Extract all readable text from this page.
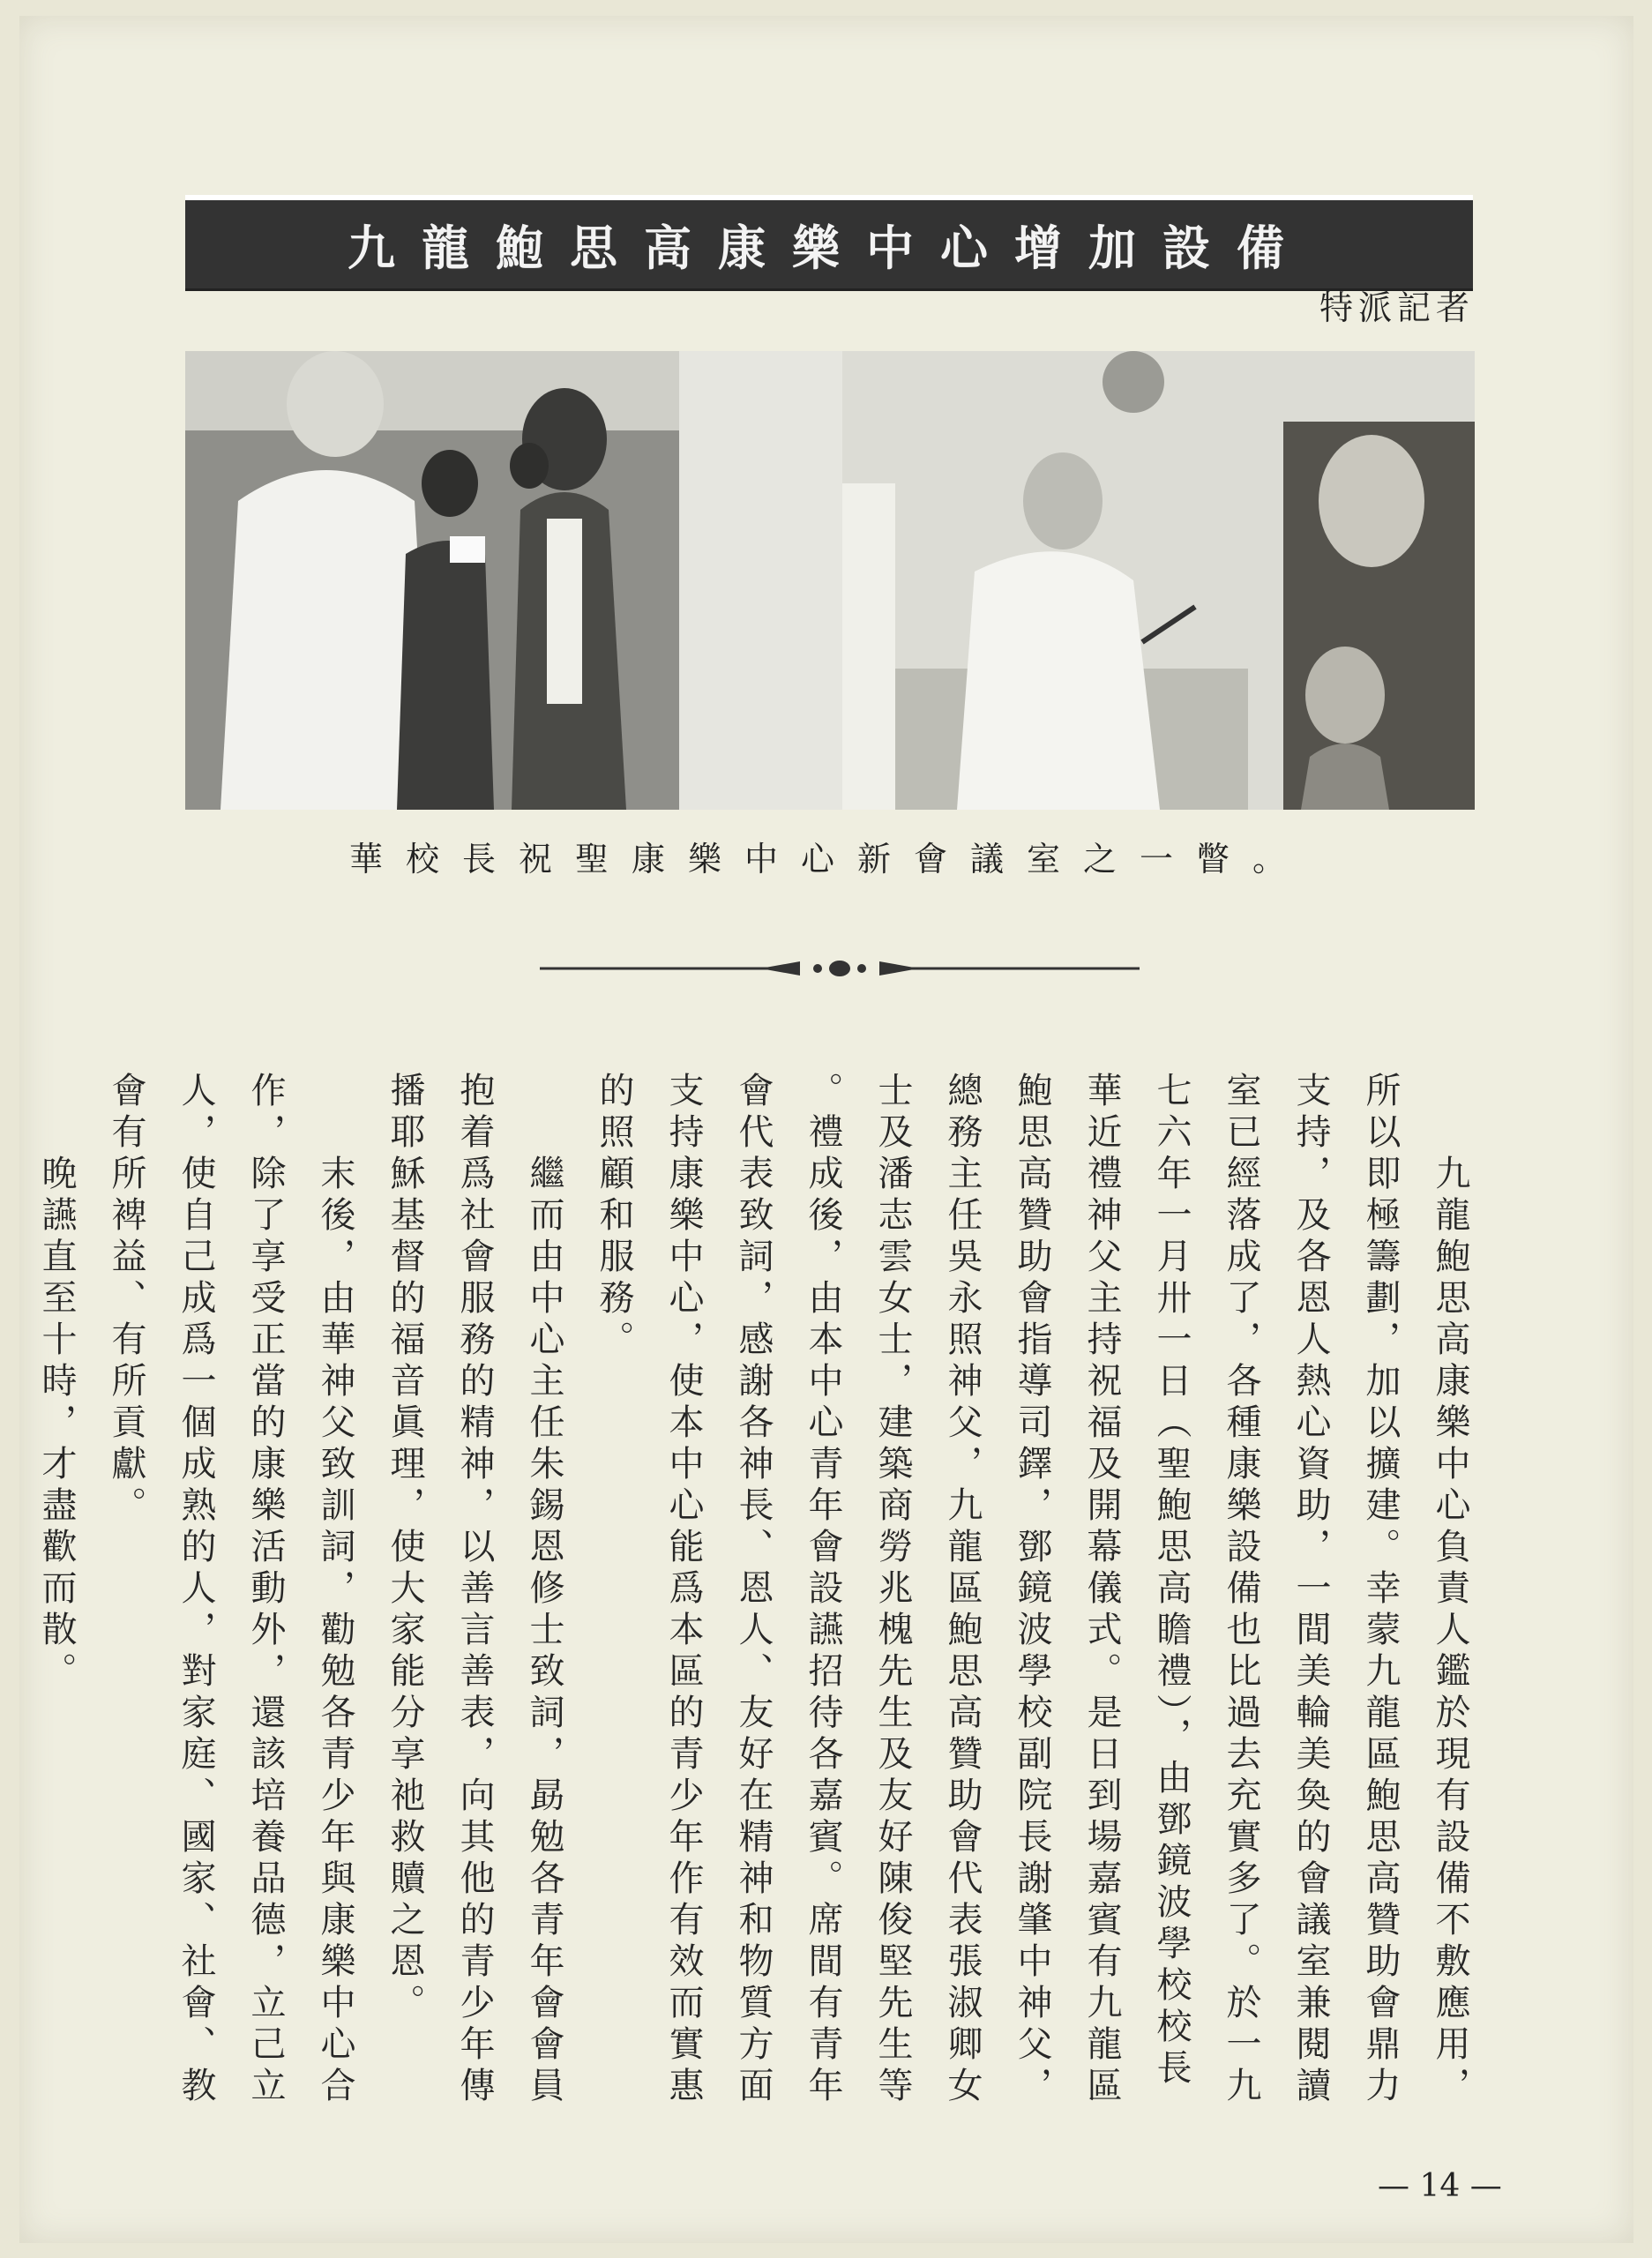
九龍鮑思高康樂中心增加設備
特派記者
華校長祝聖康樂中心新會議室之一瞥。
— 14 —
九龍鮑思高康樂中心負責人鑑於現有設備不敷應用，
所以即極籌劃，加以擴建。幸蒙九龍區鮑思高贊助會鼎力
支持，及各恩人熱心資助，一間美輪美奐的會議室兼閱讀
室已經落成了，各種康樂設備也比過去充實多了。於一九
七六年一月卅一日（聖鮑思高瞻禮），由鄧鏡波學校校長
華近禮神父主持祝福及開幕儀式。是日到場嘉賓有九龍區
鮑思高贊助會指導司鐸，鄧鏡波學校副院長謝肇中神父，
總務主任吳永照神父，九龍區鮑思高贊助會代表張淑卿女
士及潘志雲女士，建築商勞兆槐先生及友好陳俊堅先生等
。禮成後，由本中心青年會設讌招待各嘉賓。席間有青年
會代表致詞，感謝各神長、恩人、友好在精神和物質方面
支持康樂中心，使本中心能爲本區的青少年作有效而實惠
的照顧和服務。
繼而由中心主任朱錫恩修士致詞，勗勉各青年會會員
抱着爲社會服務的精神，以善言善表，向其他的青少年傳
播耶穌基督的福音眞理，使大家能分享祂救贖之恩。
末後，由華神父致訓詞，勸勉各青少年與康樂中心合
作，除了享受正當的康樂活動外，還該培養品德，立己立
人，使自己成爲一個成熟的人，對家庭、國家、社會、教
會有所裨益、有所貢獻。
晚讌直至十時，才盡歡而散。
